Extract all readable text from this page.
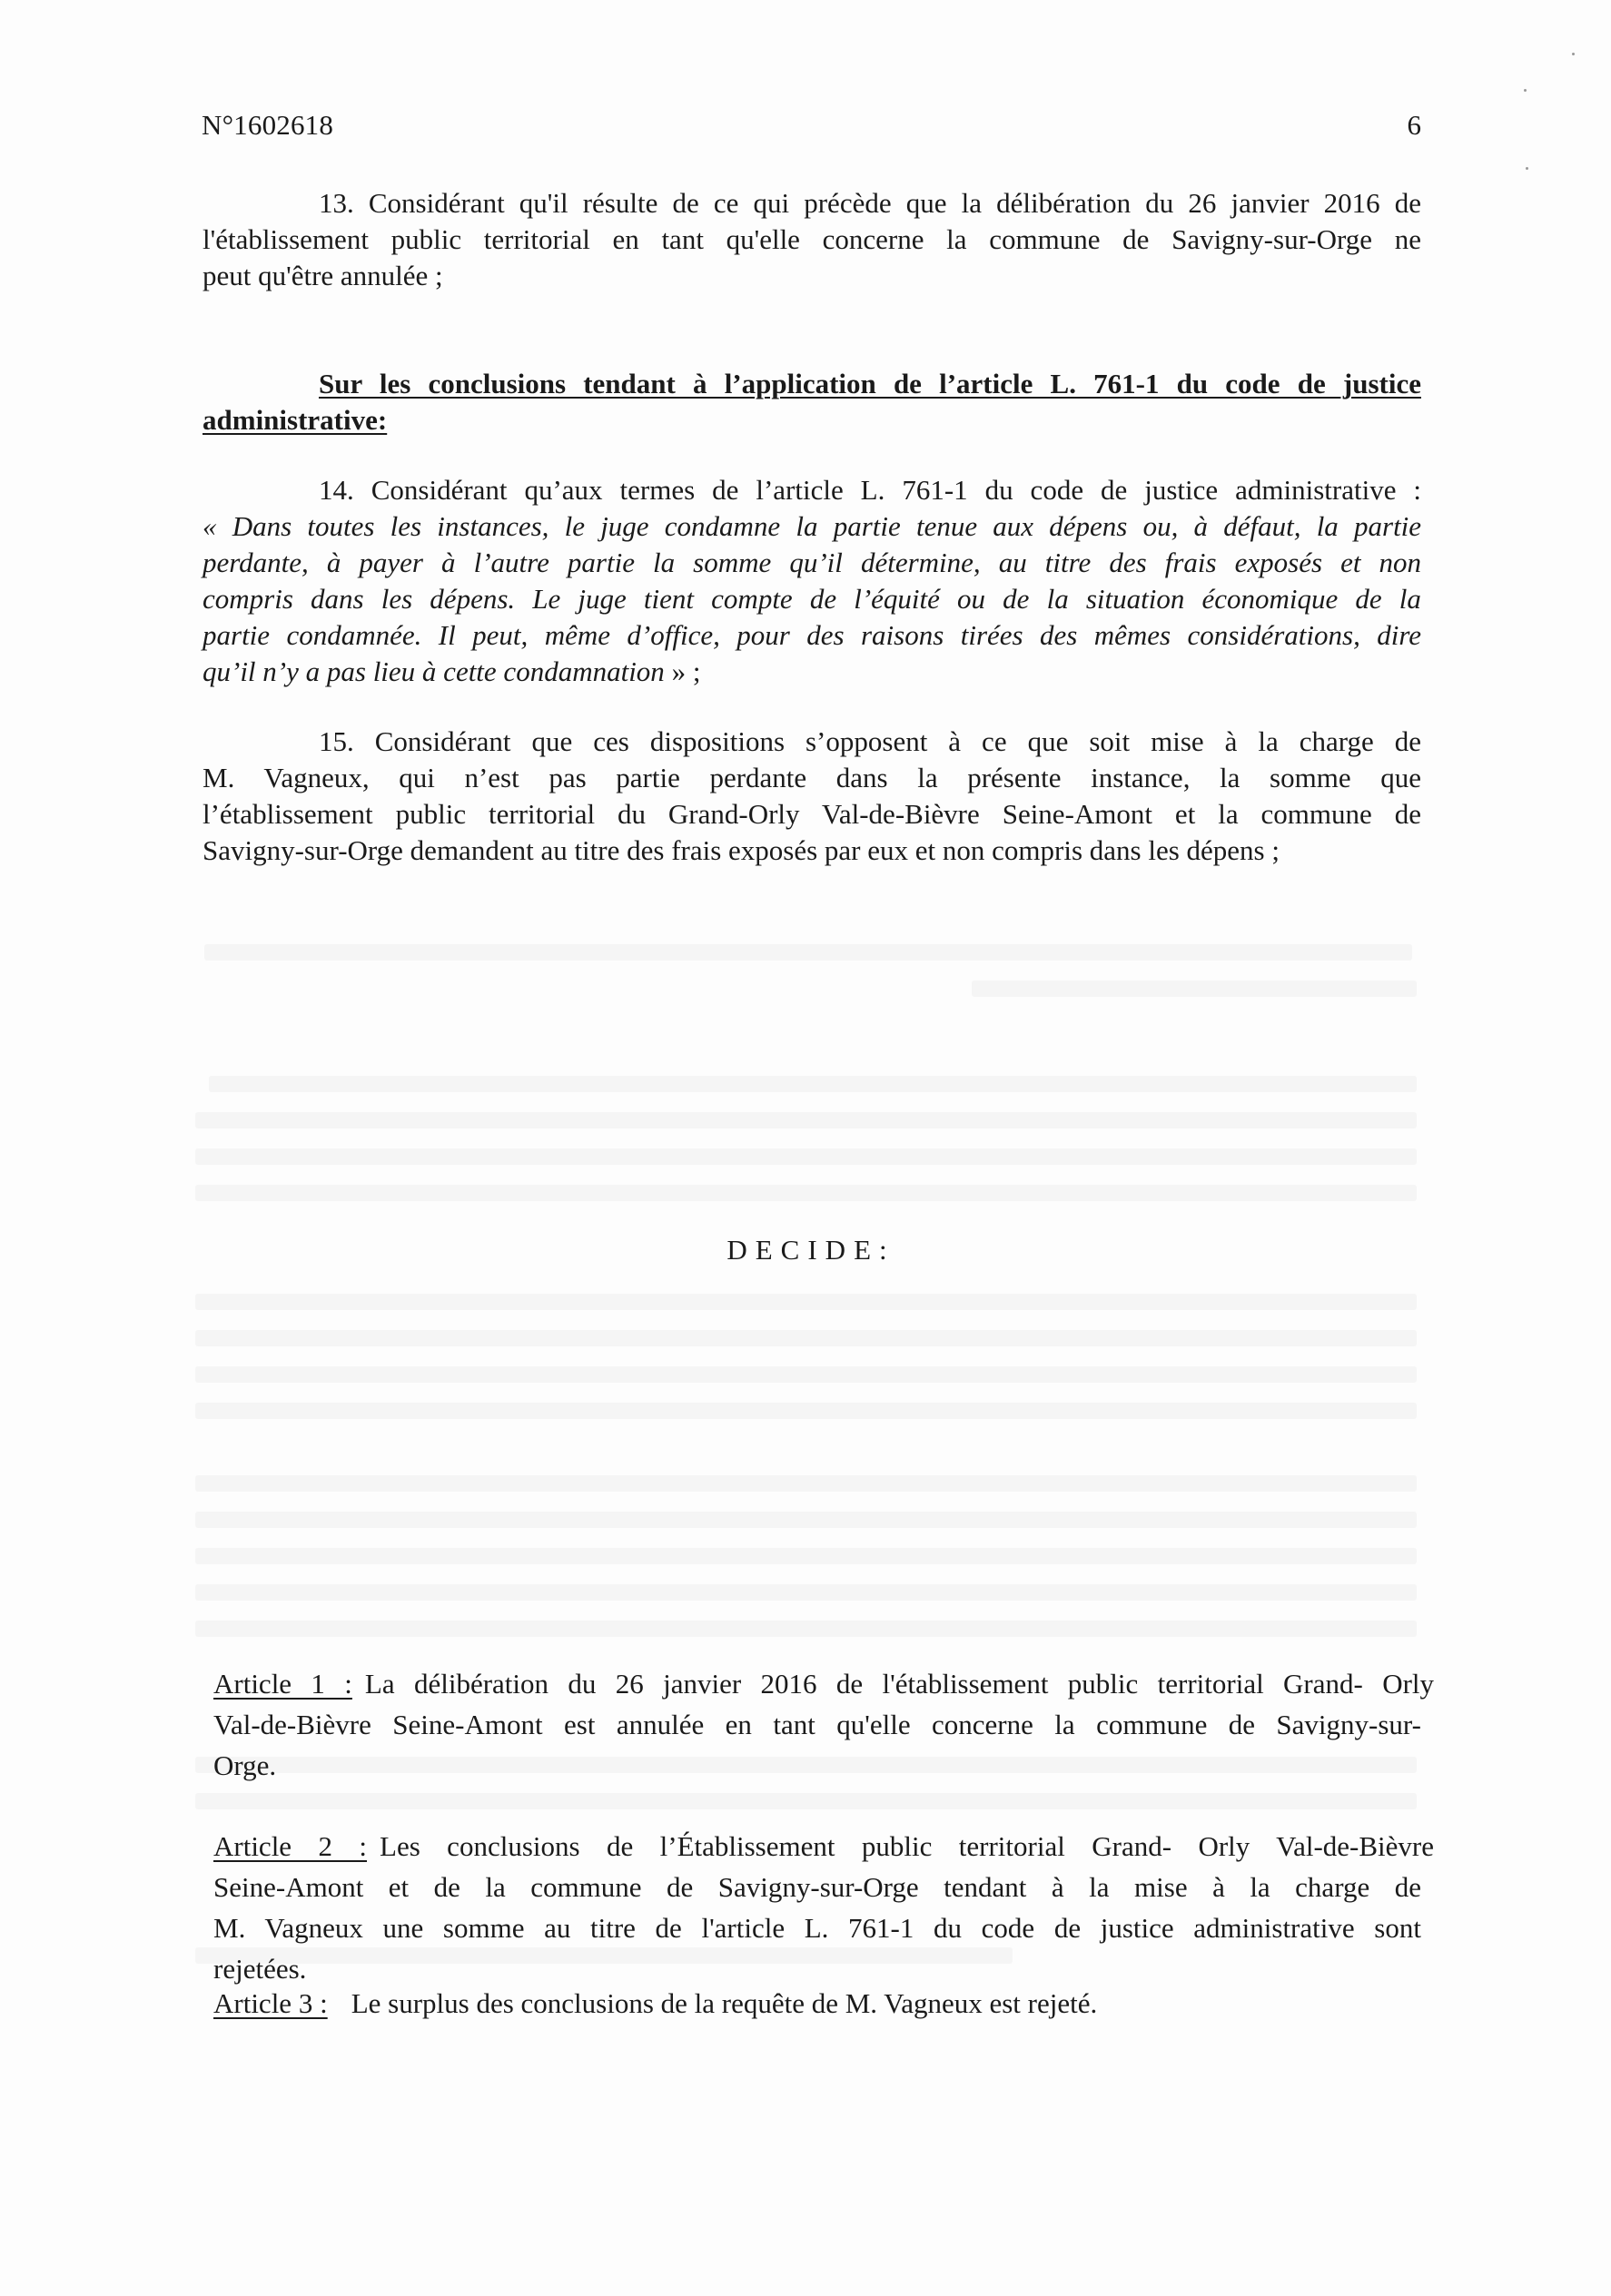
N°1602618	6
13. Considérant qu'il résulte de ce qui précède que la délibération du 26 janvier 2016 de
l'établissement public territorial en tant qu'elle concerne la commune de Savigny-sur-Orge ne
peut qu'être annulée ;
Sur les conclusions tendant à l’application de l’article L. 761-1 du code de justice
administrative:
14. Considérant qu’aux termes de l’article L. 761-1 du code de justice administrative :
« Dans toutes les instances, le juge condamne la partie tenue aux dépens ou, à défaut, la partie
perdante, à payer à l’autre partie la somme qu’il détermine, au titre des frais exposés et non
compris dans les dépens. Le juge tient compte de l’équité ou de la situation économique de la
partie condamnée. Il peut, même d’office, pour des raisons tirées des mêmes considérations, dire
qu’il n’y a pas lieu à cette condamnation » ;
15. Considérant que ces dispositions s’opposent à ce que soit mise à la charge de
M. Vagneux, qui n’est pas partie perdante dans la présente instance, la somme que
l’établissement public territorial du Grand-Orly Val-de-Bièvre Seine-Amont et la commune de
Savigny-sur-Orge demandent au titre des frais exposés par eux et non compris dans les dépens ;
DECIDE:
Article 1 : La délibération du 26 janvier 2016 de l'établissement public territorial Grand- Orly
Val-de-Bièvre Seine-Amont est annulée en tant qu'elle concerne la commune de Savigny-sur-
Orge.
Article 2 : Les conclusions de l’Établissement public territorial Grand- Orly Val-de-Bièvre
Seine-Amont et de la commune de Savigny-sur-Orge tendant à la mise à la charge de
M. Vagneux une somme au titre de l'article L. 761-1 du code de justice administrative sont
rejetées.
Article 3 : Le surplus des conclusions de la requête de M. Vagneux est rejeté.
